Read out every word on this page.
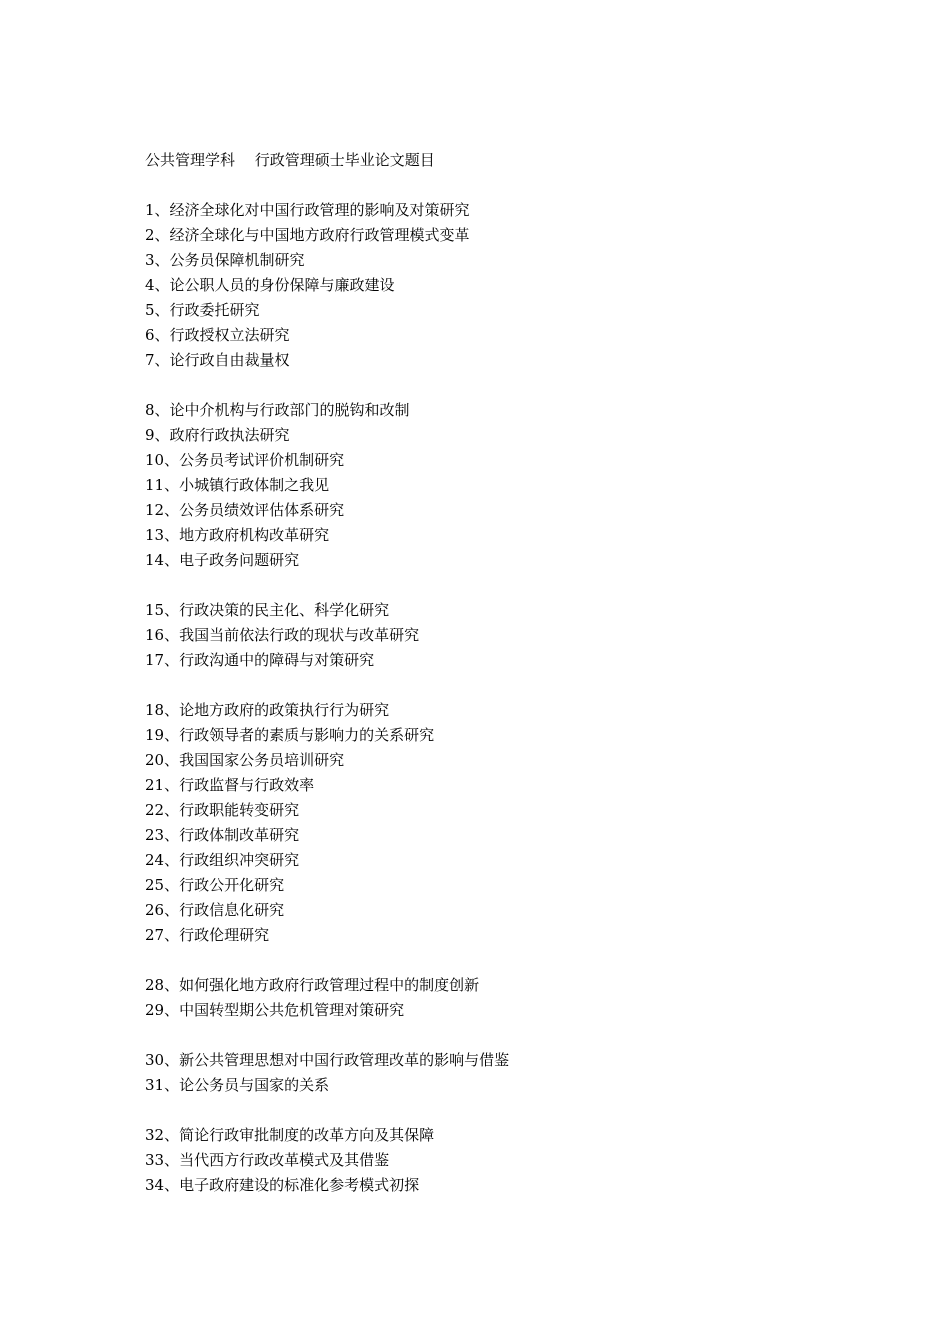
公共管理学科　 行政管理硕士毕业论文题目
1、经济全球化对中国行政管理的影响及对策研究
2、经济全球化与中国地方政府行政管理模式变革
3、公务员保障机制研究
4、论公职人员的身份保障与廉政建设
5、行政委托研究
6、行政授权立法研究
7、论行政自由裁量权
8、论中介机构与行政部门的脱钩和改制
9、政府行政执法研究
10、公务员考试评价机制研究
11、小城镇行政体制之我见
12、公务员绩效评估体系研究
13、地方政府机构改革研究
14、电子政务问题研究
15、行政决策的民主化、科学化研究
16、我国当前依法行政的现状与改革研究
17、行政沟通中的障碍与对策研究
18、论地方政府的政策执行行为研究
19、行政领导者的素质与影响力的关系研究
20、我国国家公务员培训研究
21、行政监督与行政效率
22、行政职能转变研究
23、行政体制改革研究
24、行政组织冲突研究
25、行政公开化研究
26、行政信息化研究
27、行政伦理研究
28、如何强化地方政府行政管理过程中的制度创新
29、中国转型期公共危机管理对策研究
30、新公共管理思想对中国行政管理改革的影响与借鉴
31、论公务员与国家的关系
32、简论行政审批制度的改革方向及其保障
33、当代西方行政改革模式及其借鉴
34、电子政府建设的标准化参考模式初探
